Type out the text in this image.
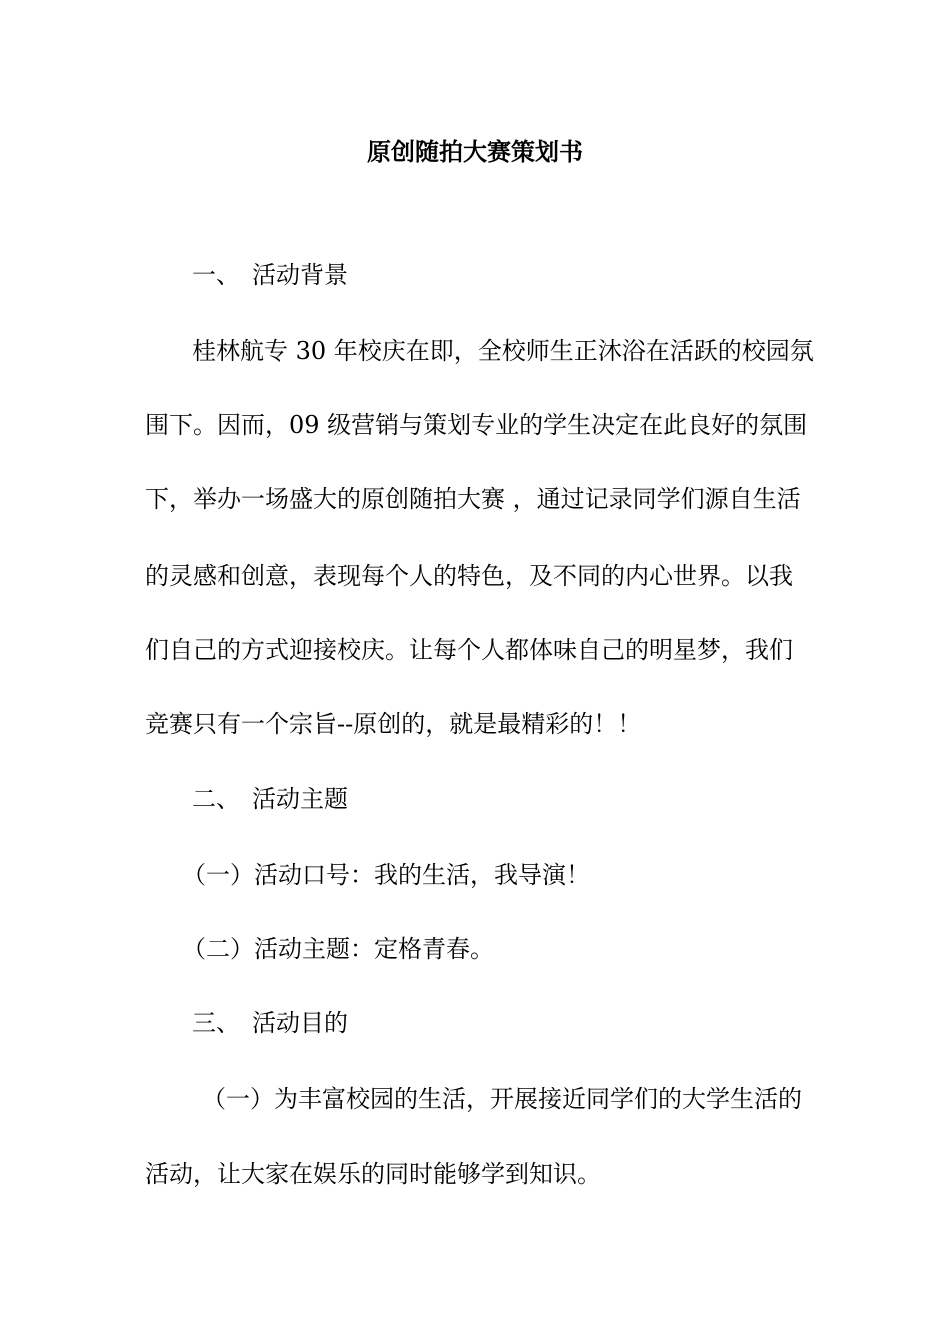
原创随拍大赛策划书
一、 活动背景
桂林航专 30 年校庆在即，全校师生正沐浴在活跃的校园氛
围下。因而，09 级营销与策划专业的学生决定在此良好的氛围
下，举办一场盛大的原创随拍大赛 ，通过记录同学们源自生活
的灵感和创意，表现每个人的特色，及不同的内心世界。以我
们自己的方式迎接校庆。让每个人都体味自己的明星梦，我们
竞赛只有一个宗旨--原创的，就是最精彩的！！
二、 活动主题
（一）活动口号：我的生活，我导演！
（二）活动主题：定格青春。
三、 活动目的
（一）为丰富校园的生活，开展接近同学们的大学生活的
活动，让大家在娱乐的同时能够学到知识。
